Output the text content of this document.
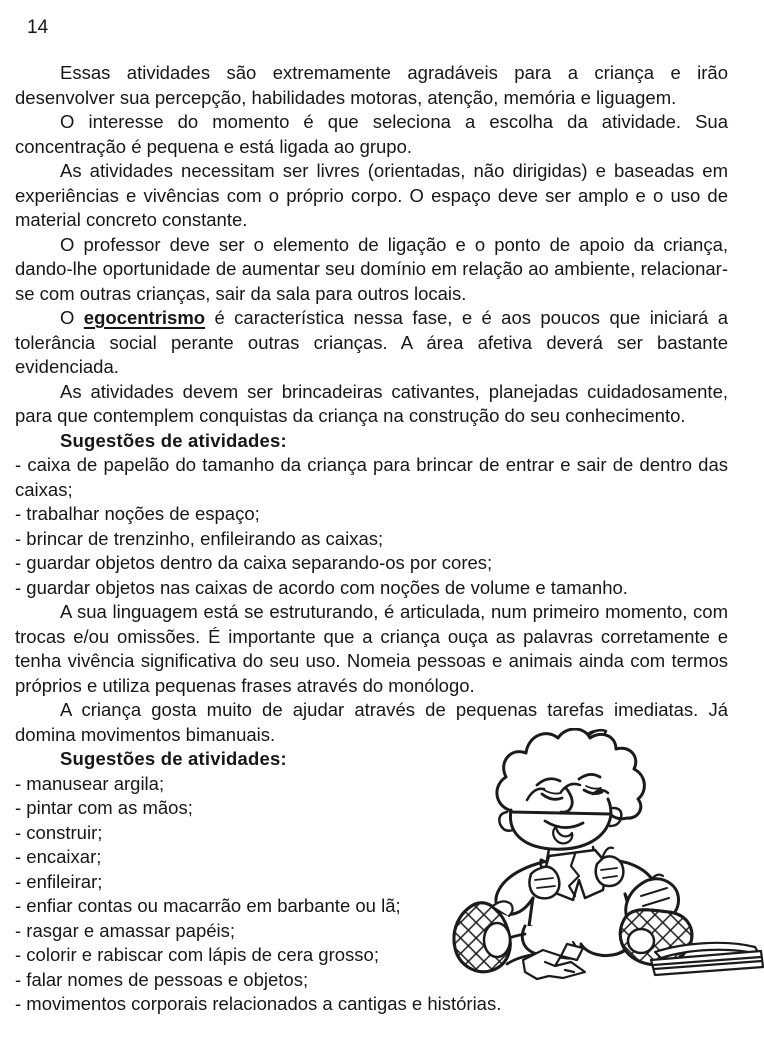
14

Essas atividades são extremamente agradáveis para a criança e irão desenvolver sua percepção, habilidades motoras, atenção, memória e liguagem.

O interesse do momento é que seleciona a escolha da atividade. Sua concentração é pequena e está ligada ao grupo.

As atividades necessitam ser livres (orientadas, não dirigidas) e baseadas em experiências e vivências com o próprio corpo. O espaço deve ser amplo e o uso de material concreto constante.

O professor deve ser o elemento de ligação e o ponto de apoio da criança, dando-lhe oportunidade de aumentar seu domínio em relação ao ambiente, relacionar-se com outras crianças, sair da sala para outros locais.

O egocentrismo é característica nessa fase, e é aos poucos que iniciará a tolerância social perante outras crianças. A área afetiva deverá ser bastante evidenciada.

As atividades devem ser brincadeiras cativantes, planejadas cuidadosamente, para que contemplem conquistas da criança na construção do seu conhecimento.

Sugestões de atividades:

- caixa de papelão do tamanho da criança para brincar de entrar e sair de dentro das caixas;

- trabalhar noções de espaço;

- brincar de trenzinho, enfileirando as caixas;

- guardar objetos dentro da caixa separando-os por cores;

- guardar objetos nas caixas de acordo com noções de volume e tamanho.

A sua linguagem está se estruturando, é articulada, num primeiro momento, com trocas e/ou omissões. É importante que a criança ouça as palavras corretamente e tenha vivência significativa do seu uso. Nomeia pessoas e animais ainda com termos próprios e utiliza pequenas frases através do monólogo.

A criança gosta muito de ajudar através de pequenas tarefas imediatas. Já domina movimentos bimanuais.

Sugestões de atividades:

- manusear argila;

- pintar com as mãos;

- construir;

- encaixar;

- enfileirar;

- enfiar contas ou macarrão em barbante ou lã;

- rasgar e amassar papéis;

- colorir e rabiscar com lápis de cera grosso;

- falar nomes de pessoas e objetos;

- movimentos corporais relacionados a cantigas e histórias.
